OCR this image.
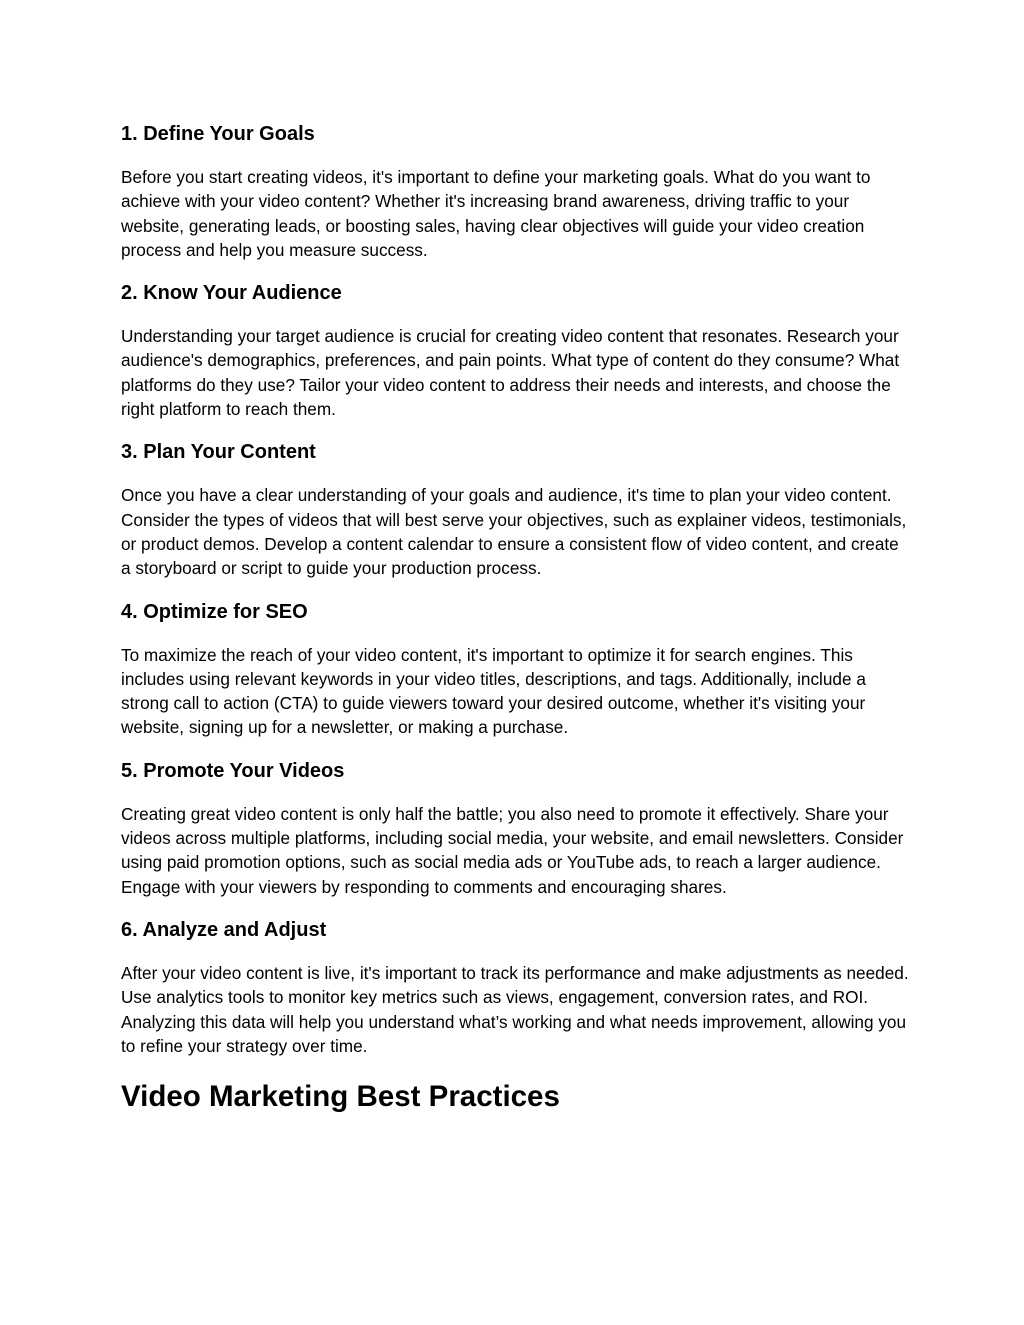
1. Define Your Goals

Before you start creating videos, it's important to define your marketing goals. What do you want to achieve with your video content? Whether it's increasing brand awareness, driving traffic to your website, generating leads, or boosting sales, having clear objectives will guide your video creation process and help you measure success.

2. Know Your Audience

Understanding your target audience is crucial for creating video content that resonates. Research your audience's demographics, preferences, and pain points. What type of content do they consume? What platforms do they use? Tailor your video content to address their needs and interests, and choose the right platform to reach them.

3. Plan Your Content

Once you have a clear understanding of your goals and audience, it's time to plan your video content. Consider the types of videos that will best serve your objectives, such as explainer videos, testimonials, or product demos. Develop a content calendar to ensure a consistent flow of video content, and create a storyboard or script to guide your production process.

4. Optimize for SEO

To maximize the reach of your video content, it's important to optimize it for search engines. This includes using relevant keywords in your video titles, descriptions, and tags. Additionally, include a strong call to action (CTA) to guide viewers toward your desired outcome, whether it's visiting your website, signing up for a newsletter, or making a purchase.

5. Promote Your Videos

Creating great video content is only half the battle; you also need to promote it effectively. Share your videos across multiple platforms, including social media, your website, and email newsletters. Consider using paid promotion options, such as social media ads or YouTube ads, to reach a larger audience. Engage with your viewers by responding to comments and encouraging shares.

6. Analyze and Adjust

After your video content is live, it's important to track its performance and make adjustments as needed. Use analytics tools to monitor key metrics such as views, engagement, conversion rates, and ROI. Analyzing this data will help you understand what’s working and what needs improvement, allowing you to refine your strategy over time.

Video Marketing Best Practices
